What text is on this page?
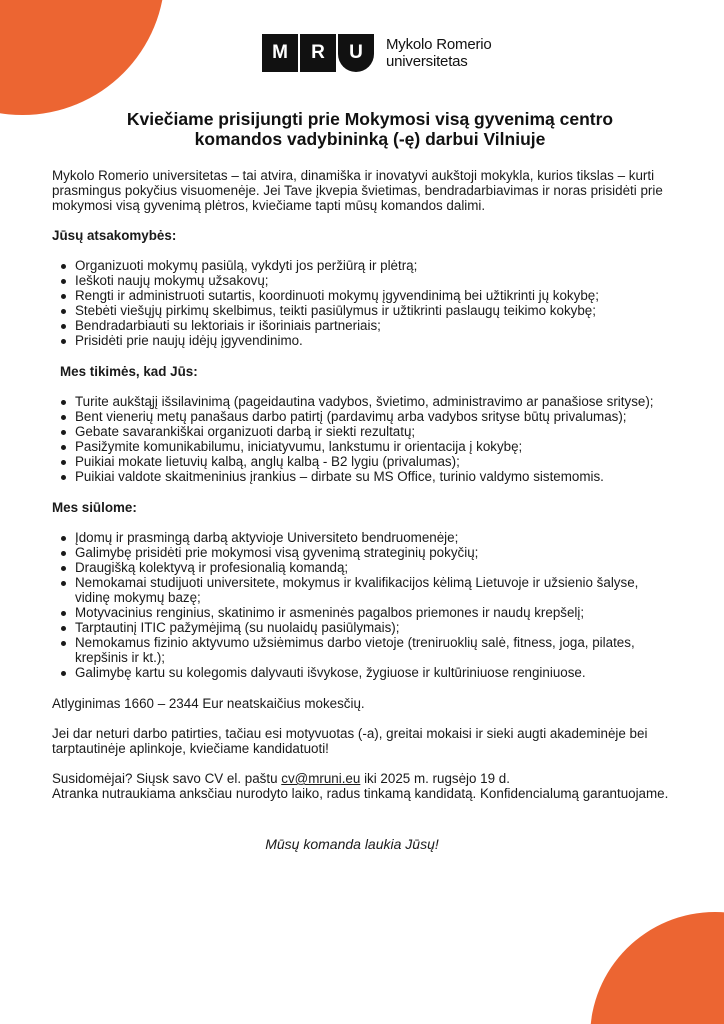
M	R	U	Mykolo Romerio
universitetas
Kviečiame prisijungti prie Mokymosi visą gyvenimą centro
komandos vadybininką (-ę) darbui Vilniuje

Mykolo Romerio universitetas – tai atvira, dinamiška ir inovatyvi aukštoji mokykla, kurios tikslas – kurti prasmingus pokyčius visuomenėje. Jei Tave įkvepia švietimas, bendradarbiavimas ir noras prisidėti prie mokymosi visą gyvenimą plėtros, kviečiame tapti mūsų komandos dalimi.

Jūsų atsakomybės:

Organizuoti mokymų pasiūlą, vykdyti jos peržiūrą ir plėtrą;
Ieškoti naujų mokymų užsakovų;
Rengti ir administruoti sutartis, koordinuoti mokymų įgyvendinimą bei užtikrinti jų kokybę;
Stebėti viešųjų pirkimų skelbimus, teikti pasiūlymus ir užtikrinti paslaugų teikimo kokybę;
Bendradarbiauti su lektoriais ir išoriniais partneriais;
Prisidėti prie naujų idėjų įgyvendinimo.

Mes tikimės, kad Jūs:

Turite aukštąjį išsilavinimą (pageidautina vadybos, švietimo, administravimo ar panašiose srityse);
Bent vienerių metų panašaus darbo patirtį (pardavimų arba vadybos srityse būtų privalumas);
Gebate savarankiškai organizuoti darbą ir siekti rezultatų;
Pasižymite komunikabilumu, iniciatyvumu, lankstumu ir orientacija į kokybę;
Puikiai mokate lietuvių kalbą, anglų kalbą - B2 lygiu (privalumas);
Puikiai valdote skaitmeninius įrankius – dirbate su MS Office, turinio valdymo sistemomis.

Mes siūlome:

Įdomų ir prasmingą darbą aktyvioje Universiteto bendruomenėje;
Galimybę prisidėti prie mokymosi visą gyvenimą strateginių pokyčių;
Draugišką kolektyvą ir profesionalią komandą;
Nemokamai studijuoti universitete, mokymus ir kvalifikacijos kėlimą Lietuvoje ir užsienio šalyse, vidinę mokymų bazę;
Motyvacinius renginius, skatinimo ir asmeninės pagalbos priemones ir naudų krepšelį;
Tarptautinį ITIC pažymėjimą (su nuolaidų pasiūlymais);
Nemokamus fizinio aktyvumo užsiėmimus darbo vietoje (treniruoklių salė, fitness, joga, pilates, krepšinis ir kt.);
Galimybę kartu su kolegomis dalyvauti išvykose, žygiuose ir kultūriniuose renginiuose.

Atlyginimas 1660 – 2344 Eur neatskaičius mokesčių.

Jei dar neturi darbo patirties, tačiau esi motyvuotas (-a), greitai mokaisi ir sieki augti akademinėje bei tarptautinėje aplinkoje, kviečiame kandidatuoti!

Susidomėjai? Siųsk savo CV el. paštu cv@mruni.eu iki 2025 m. rugsėjo 19 d.

Atranka nutraukiama anksčiau nurodyto laiko, radus tinkamą kandidatą. Konfidencialumą garantuojame.

Mūsų komanda laukia Jūsų!
